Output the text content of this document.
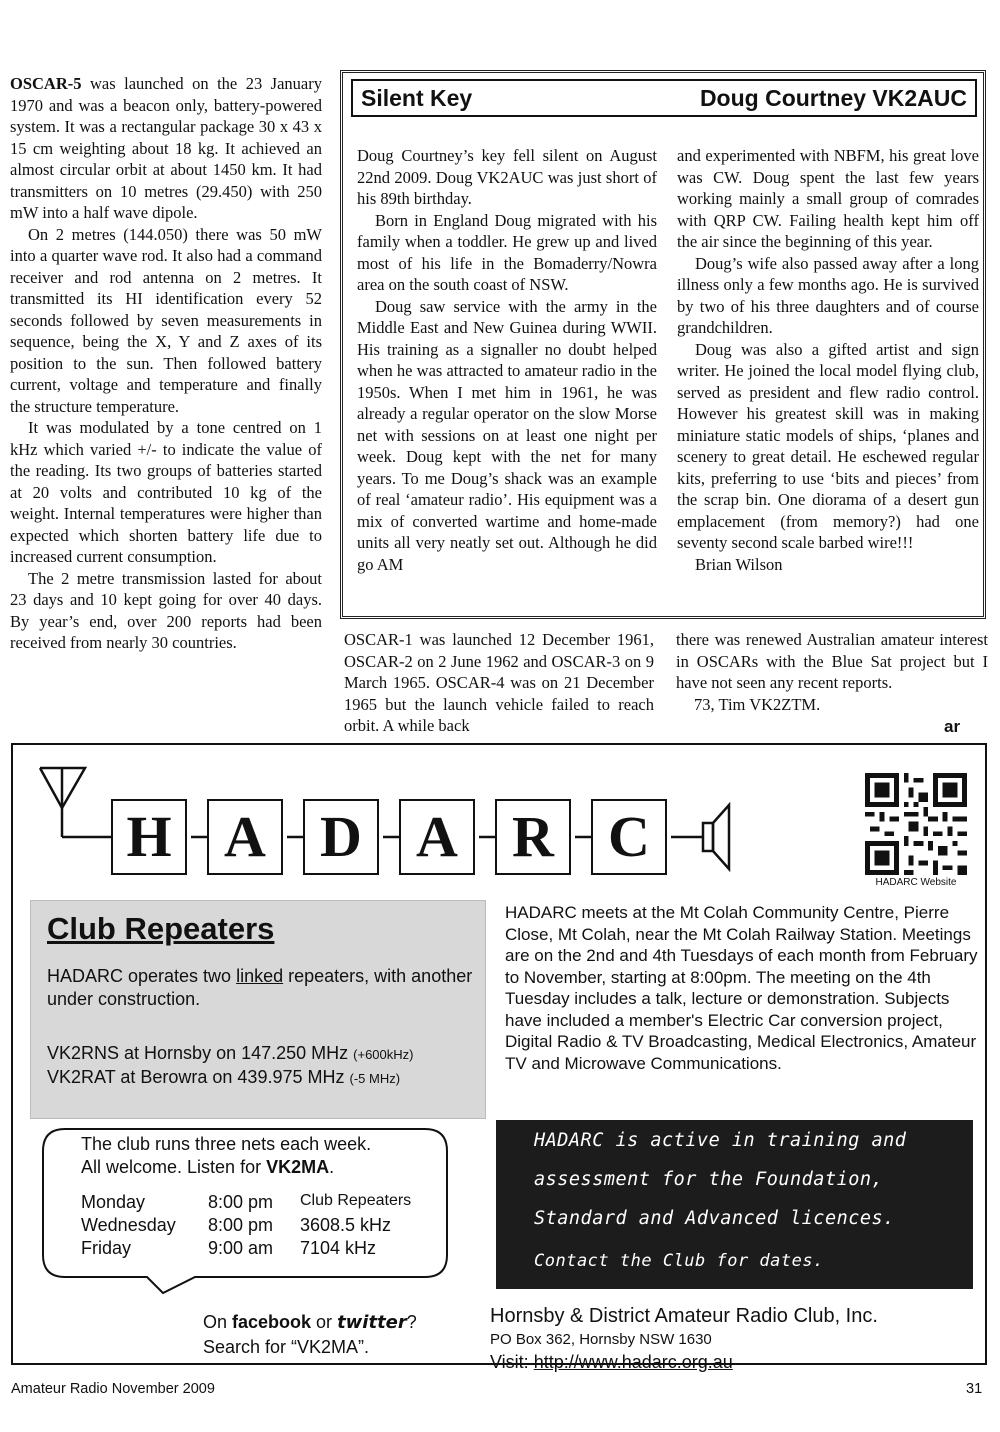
OSCAR-5 was launched on the 23 January 1970 and was a beacon only, battery-powered system. It was a rectangular package 30 x 43 x 15 cm weighting about 18 kg. It achieved an almost circular orbit at about 1450 km. It had transmitters on 10 metres (29.450) with 250 mW into a half wave dipole.

On 2 metres (144.050) there was 50 mW into a quarter wave rod. It also had a command receiver and rod antenna on 2 metres. It transmitted its HI identification every 52 seconds followed by seven measurements in sequence, being the X, Y and Z axes of its position to the sun. Then followed battery current, voltage and temperature and finally the structure temperature.

It was modulated by a tone centred on 1 kHz which varied +/- to indicate the value of the reading. Its two groups of batteries started at 20 volts and contributed 10 kg of the weight. Internal temperatures were higher than expected which shorten battery life due to increased current consumption.

The 2 metre transmission lasted for about 23 days and 10 kept going for over 40 days. By year’s end, over 200 reports had been received from nearly 30 countries.

Silent Key	Doug Courtney VK2AUC

Doug Courtney’s key fell silent on August 22nd 2009. Doug VK2AUC was just short of his 89th birthday.

Born in England Doug migrated with his family when a toddler. He grew up and lived most of his life in the Bomaderry/Nowra area on the south coast of NSW.

Doug saw service with the army in the Middle East and New Guinea during WWII. His training as a signaller no doubt helped when he was attracted to amateur radio in the 1950s. When I met him in 1961, he was already a regular operator on the slow Morse net with sessions on at least one night per week. Doug kept with the net for many years. To me Doug’s shack was an example of real ‘amateur radio’. His equipment was a mix of converted wartime and home-made units all very neatly set out. Although he did go AM

and experimented with NBFM, his great love was CW. Doug spent the last few years working mainly a small group of comrades with QRP CW. Failing health kept him off the air since the beginning of this year.

Doug’s wife also passed away after a long illness only a few months ago. He is survived by two of his three daughters and of course grandchildren.

Doug was also a gifted artist and sign writer. He joined the local model flying club, served as president and flew radio control. However his greatest skill was in making miniature static models of ships, ‘planes and scenery to great detail. He eschewed regular kits, preferring to use ‘bits and pieces’ from the scrap bin. One diorama of a desert gun emplacement (from memory?) had one seventy second scale barbed wire!!!

Brian Wilson

OSCAR-1 was launched 12 December 1961, OSCAR-2 on 2 June 1962 and OSCAR-3 on 9 March 1965. OSCAR-4 was on 21 December 1965 but the launch vehicle failed to reach orbit. A while back

there was renewed Australian amateur interest in OSCARs with the Blue Sat project but I have not seen any recent reports.

73, Tim VK2ZTM.

ar
H A D A R C
HADARC Website
Club Repeaters
HADARC operates two linked repeaters, with another under construction.
VK2RNS at Hornsby on 147.250 MHz (+600kHz)
VK2RAT at Berowra on 439.975 MHz (-5 MHz)
HADARC meets at the Mt Colah Community Centre, Pierre Close, Mt Colah, near the Mt Colah Railway Station. Meetings are on the 2nd and 4th Tuesdays of each month from February to November, starting at 8:00pm. The meeting on the 4th Tuesday includes a talk, lecture or demonstration. Subjects have included a member's Electric Car conversion project, Digital Radio & TV Broadcasting, Medical Electronics, Amateur TV and Microwave Communications.
The club runs three nets each week.
All welcome. Listen for VK2MA.
Monday	8:00 pm Club Repeaters
Wednesday 8:00 pm 3608.5 kHz
Friday	9:00 am 7104 kHz
HADARC is active in training and
assessment for the Foundation,
Standard and Advanced licences.
Contact the Club for dates.
On facebook or twitter?
Search for “VK2MA”.
Hornsby & District Amateur Radio Club, Inc.
PO Box 362, Hornsby NSW 1630
Visit: http://www.hadarc.org.au
Amateur Radio November 2009	31
